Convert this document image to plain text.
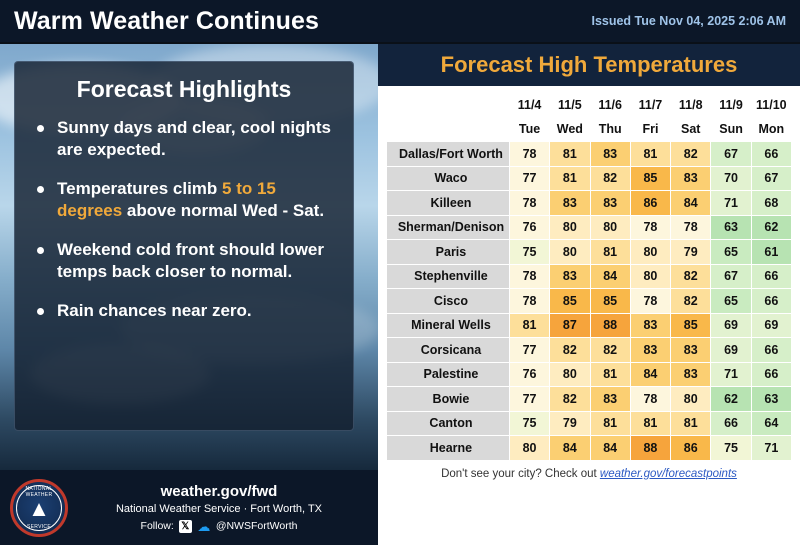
Warm Weather Continues	Issued Tue Nov 04, 2025 2:06 AM
Forecast Highlights
Sunny days and clear, cool nights are expected.
Temperatures climb 5 to 15 degrees above normal Wed - Sat.
Weekend cold front should lower temps back closer to normal.
Rain chances near zero.
Forecast High Temperatures
	11/4	11/5	11/6	11/7	11/8	11/9	11/10
	Tue	Wed	Thu	Fri	Sat	Sun	Mon
Dallas/Fort Worth	78	81	83	81	82	67	66
Waco	77	81	82	85	83	70	67
Killeen	78	83	83	86	84	71	68
Sherman/Denison	76	80	80	78	78	63	62
Paris	75	80	81	80	79	65	61
Stephenville	78	83	84	80	82	67	66
Cisco	78	85	85	78	82	65	66
Mineral Wells	81	87	88	83	85	69	69
Corsicana	77	82	82	83	83	69	66
Palestine	76	80	81	84	83	71	66
Bowie	77	82	83	78	80	62	63
Canton	75	79	81	81	81	66	64
Hearne	80	84	84	88	86	75	71
Don't see your city? Check out weather.gov/forecastpoints
NATIONAL WEATHER
▲
SERVICE
weather.gov/fwd
National Weather Service · Fort Worth, TX
Follow: 𝕏 ☁ @NWSFortWorth
